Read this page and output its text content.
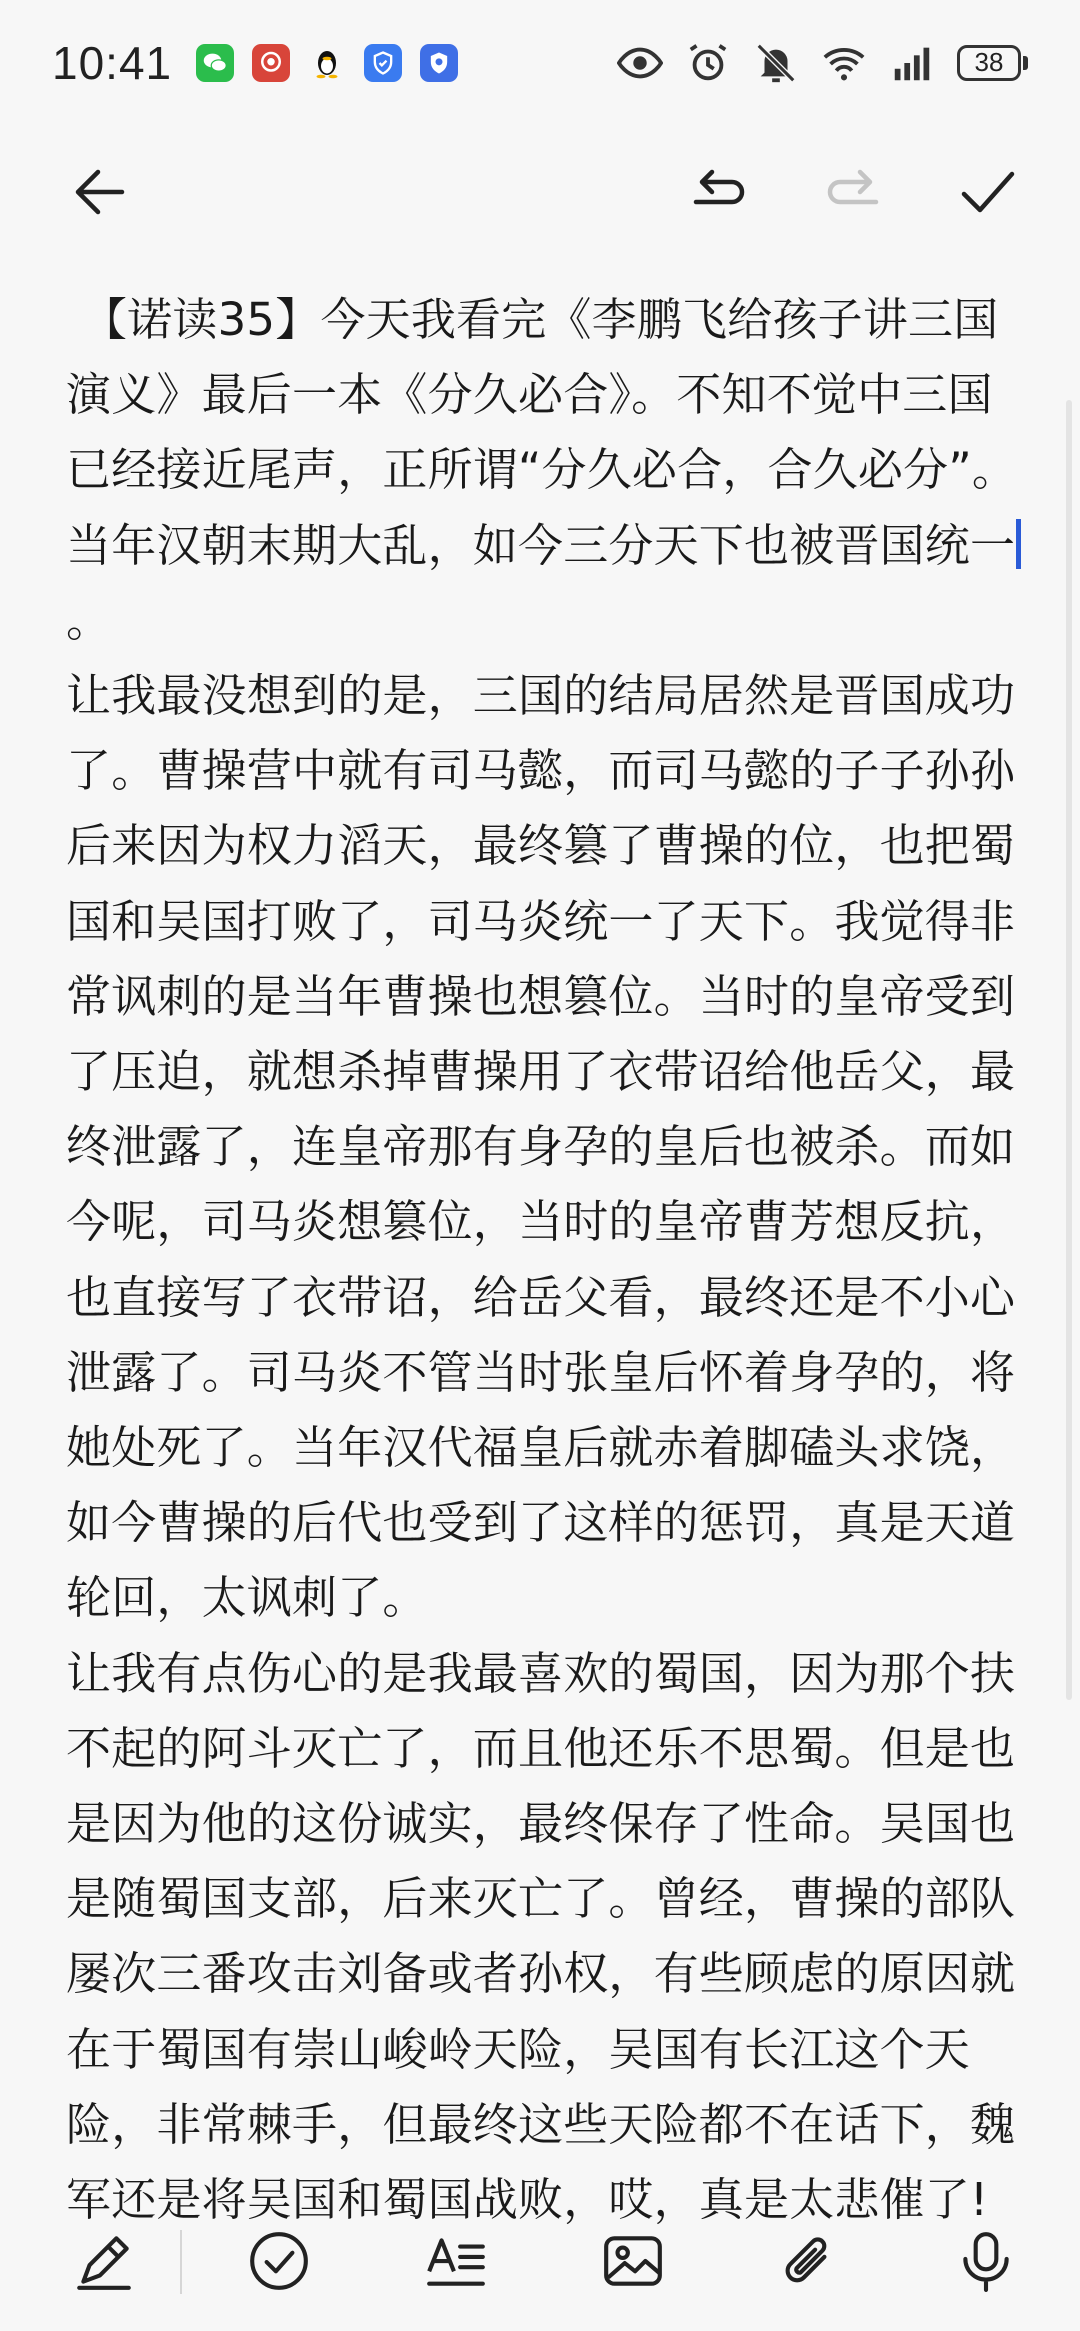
10:41	38

【诺读35】今天我看完《李鹏飞给孩子讲三国演义》最后一本《分久必合》。不知不觉中三国已经接近尾声，正所谓“分久必合，合久必分”。当年汉朝末期大乱，如今三分天下也被晋国统一。

让我最没想到的是，三国的结局居然是晋国成功了。曹操营中就有司马懿，而司马懿的子子孙孙后来因为权力滔天，最终篡了曹操的位，也把蜀国和吴国打败了，司马炎统一了天下。我觉得非常讽刺的是当年曹操也想篡位。当时的皇帝受到了压迫，就想杀掉曹操用了衣带诏给他岳父，最终泄露了，连皇帝那有身孕的皇后也被杀。而如今呢，司马炎想篡位，当时的皇帝曹芳想反抗，也直接写了衣带诏，给岳父看，最终还是不小心泄露了。司马炎不管当时张皇后怀着身孕的，将她处死了。当年汉代福皇后就赤着脚磕头求饶，如今曹操的后代也受到了这样的惩罚，真是天道轮回，太讽刺了。

让我有点伤心的是我最喜欢的蜀国，因为那个扶不起的阿斗灭亡了，而且他还乐不思蜀。但是也是因为他的这份诚实，最终保存了性命。吴国也是随蜀国支部，后来灭亡了。曾经，曹操的部队屡次三番攻击刘备或者孙权，有些顾虑的原因就在于蜀国有崇山峻岭天险，吴国有长江这个天险，非常棘手，但最终这些天险都不在话下，魏军还是将吴国和蜀国战败，哎，真是太悲催了!
